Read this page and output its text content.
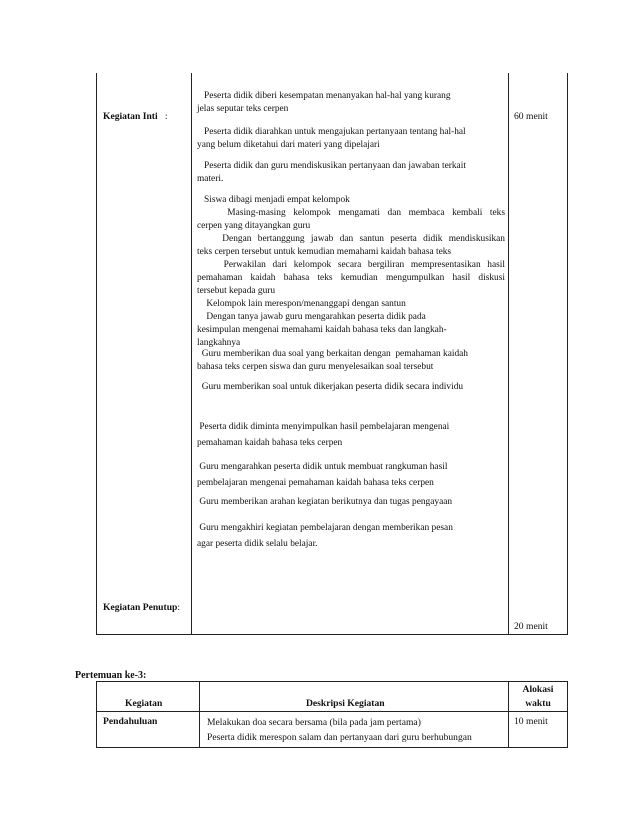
Kegiatan Inti :
Kegiatan Penutup:
60 menit
20 menit
Peserta didik diberi kesempatan menanyakan hal-hal yang kurang
jelas seputar teks cerpen
Peserta didik diarahkan untuk mengajukan pertanyaan tentang hal-hal
yang belum diketahui dari materi yang dipelajari
Peserta didik dan guru mendiskusikan pertanyaan dan jawaban terkait
materi.
Siswa dibagi menjadi empat kelompok
Masing-masing kelompok mengamati dan membaca kembali teks
cerpen yang ditayangkan guru
Dengan bertanggung jawab dan santun peserta didik mendiskusikan
teks cerpen tersebut untuk kemudian memahami kaidah bahasa teks
Perwakilan dari kelompok secara bergiliran mempresentasikan hasil
pemahaman kaidah bahasa teks kemudian mengumpulkan hasil diskusi
tersebut kepada guru
Kelompok lain merespon/menanggapi dengan santun
Dengan tanya jawab guru mengarahkan peserta didik pada
kesimpulan mengenai memahami kaidah bahasa teks dan langkah-
langkahnya
Guru memberikan dua soal yang berkaitan dengan  pemahaman kaidah
bahasa teks cerpen siswa dan guru menyelesaikan soal tersebut
Guru memberikan soal untuk dikerjakan peserta didik secara individu
Peserta didik diminta menyimpulkan hasil pembelajaran mengenai
pemahaman kaidah bahasa teks cerpen
Guru mengarahkan peserta didik untuk membuat rangkuman hasil
pembelajaran mengenai pemahaman kaidah bahasa teks cerpen
Guru memberikan arahan kegiatan berikutnya dan tugas pengayaan
Guru mengakhiri kegiatan pembelajaran dengan memberikan pesan
agar peserta didik selalu belajar.
Pertemuan ke-3:
Kegiatan	Deskripsi Kegiatan
Alokasi
waktu
Pendahuluan	Melakukan doa secara bersama (bila pada jam pertama)
Peserta didik merespon salam dan pertanyaan dari guru berhubungan
10 menit
